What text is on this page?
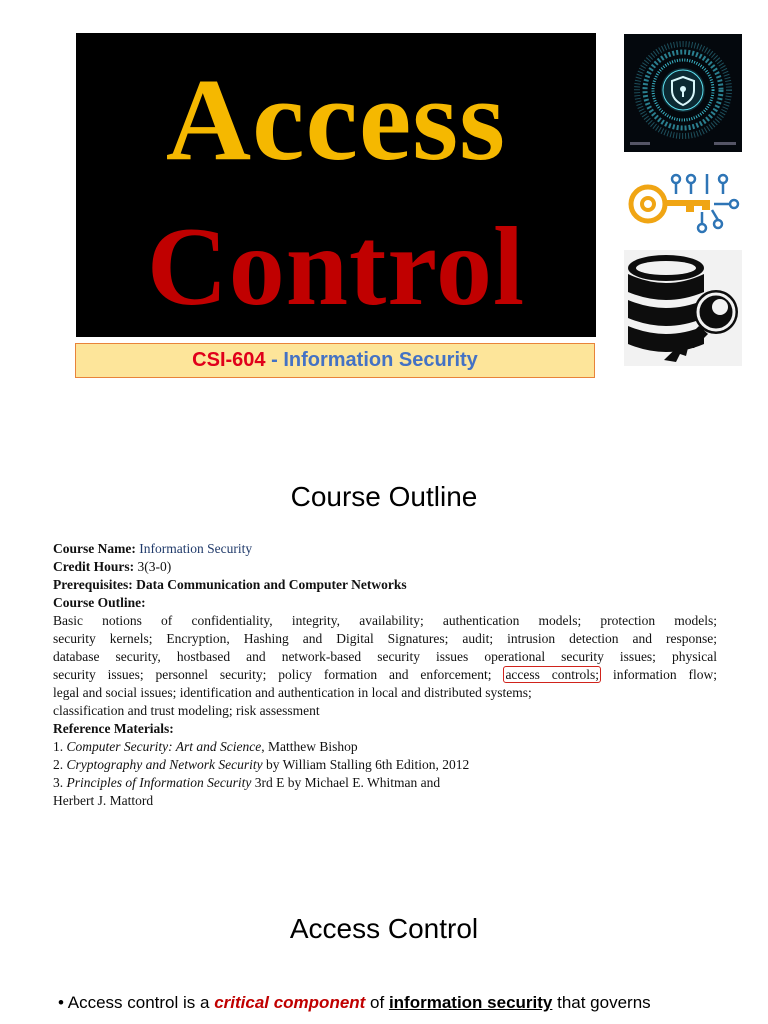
Access
Control
CSI-604 - Information Security
Course Outline
Course Name: Information Security
Credit Hours: 3(3-0)
Prerequisites: Data Communication and Computer Networks
Course Outline:
Basic notions of confidentiality, integrity, availability; authentication models; protection models;
security kernels; Encryption, Hashing and Digital Signatures; audit; intrusion detection and response;
database security, hostbased and network-based security issues operational security issues; physical
security issues; personnel security; policy formation and enforcement; access controls; information flow;
legal and social issues; identification and authentication in local and distributed systems;
classification and trust modeling; risk assessment
Reference Materials:
1. Computer Security: Art and Science, Matthew Bishop
2. Cryptography and Network Security by William Stalling 6th Edition, 2012
3. Principles of Information Security 3rd E by Michael E. Whitman and
Herbert J. Mattord
Access Control
• Access control is a critical component of information security that governs
